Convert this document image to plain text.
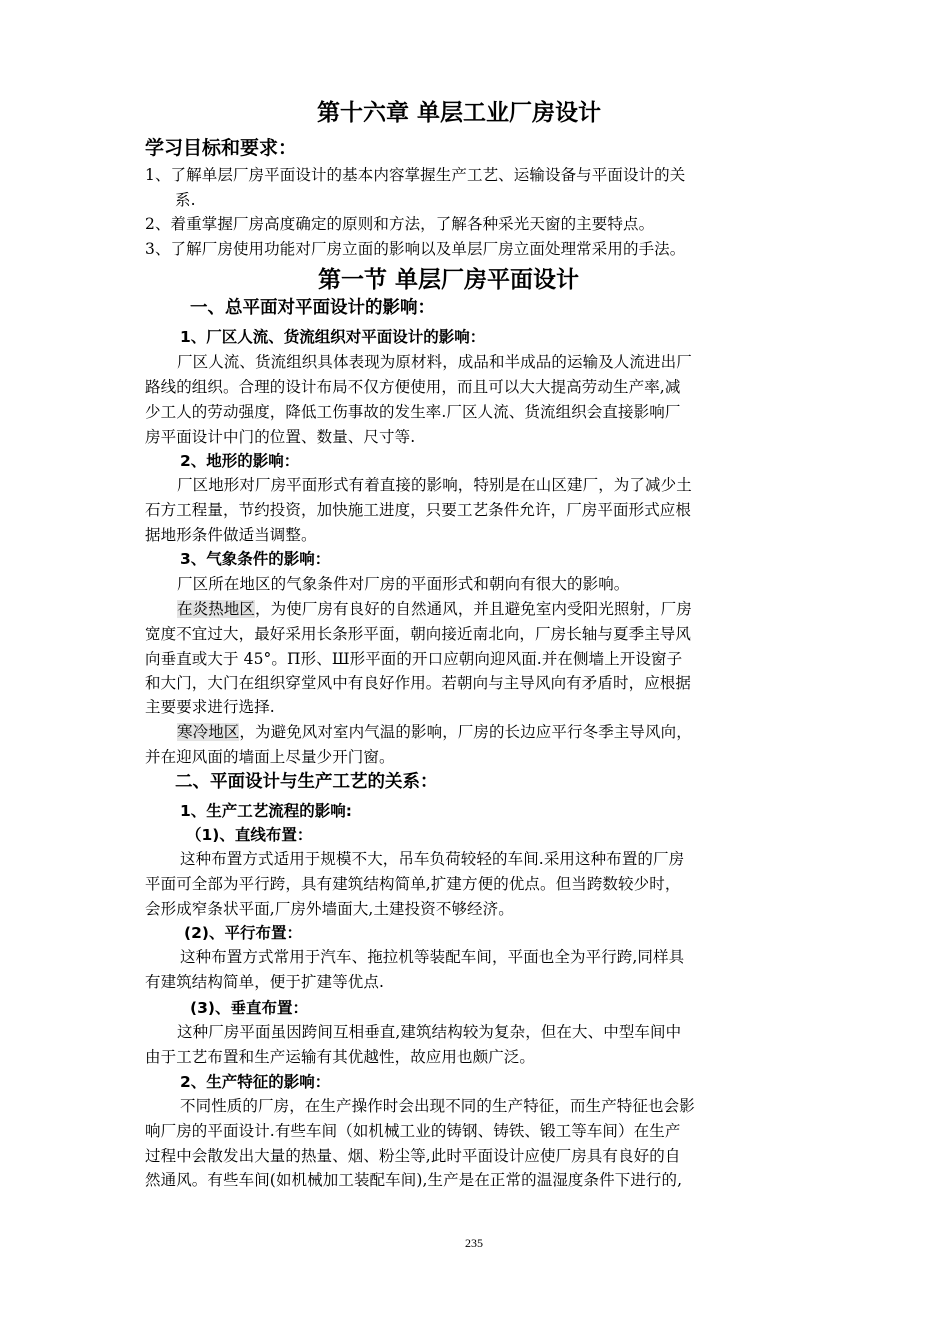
第十六章 单层工业厂房设计
学习目标和要求：
1、了解单层厂房平面设计的基本内容掌握生产工艺、运输设备与平面设计的关
系.
2、着重掌握厂房高度确定的原则和方法，了解各种采光天窗的主要特点。
3、了解厂房使用功能对厂房立面的影响以及单层厂房立面处理常采用的手法。
第一节 单层厂房平面设计
一、总平面对平面设计的影响：
1、厂区人流、货流组织对平面设计的影响：
厂区人流、货流组织具体表现为原材料，成品和半成品的运输及人流进出厂
路线的组织。合理的设计布局不仅方便使用，而且可以大大提高劳动生产率,减
少工人的劳动强度，降低工伤事故的发生率.厂区人流、货流组织会直接影响厂
房平面设计中门的位置、数量、尺寸等.
2、地形的影响：
厂区地形对厂房平面形式有着直接的影响，特别是在山区建厂，为了减少土
石方工程量，节约投资，加快施工进度，只要工艺条件允许，厂房平面形式应根
据地形条件做适当调整。
3、气象条件的影响：
厂区所在地区的气象条件对厂房的平面形式和朝向有很大的影响。
在炎热地区，为使厂房有良好的自然通风，并且避免室内受阳光照射，厂房
宽度不宜过大，最好采用长条形平面，朝向接近南北向，厂房长轴与夏季主导风
向垂直或大于 45°。Π形、Ш形平面的开口应朝向迎风面.并在侧墙上开设窗子
和大门，大门在组织穿堂风中有良好作用。若朝向与主导风向有矛盾时，应根据
主要要求进行选择.
寒冷地区，为避免风对室内气温的影响，厂房的长边应平行冬季主导风向，
并在迎风面的墙面上尽量少开门窗。
二、平面设计与生产工艺的关系：
1、生产工艺流程的影响:
（1)、直线布置：
这种布置方式适用于规模不大，吊车负荷较轻的车间.采用这种布置的厂房
平面可全部为平行跨，具有建筑结构简单,扩建方便的优点。但当跨数较少时，
会形成窄条状平面,厂房外墙面大,土建投资不够经济。
(2)、平行布置：
这种布置方式常用于汽车、拖拉机等装配车间，平面也全为平行跨,同样具
有建筑结构简单，便于扩建等优点.
(3)、垂直布置：
这种厂房平面虽因跨间互相垂直,建筑结构较为复杂，但在大、中型车间中
由于工艺布置和生产运输有其优越性，故应用也颇广泛。
2、生产特征的影响：
不同性质的厂房，在生产操作时会出现不同的生产特征，而生产特征也会影
响厂房的平面设计.有些车间（如机械工业的铸钢、铸铁、锻工等车间）在生产
过程中会散发出大量的热量、烟、粉尘等,此时平面设计应使厂房具有良好的自
然通风。有些车间(如机械加工装配车间),生产是在正常的温湿度条件下进行的,
235
